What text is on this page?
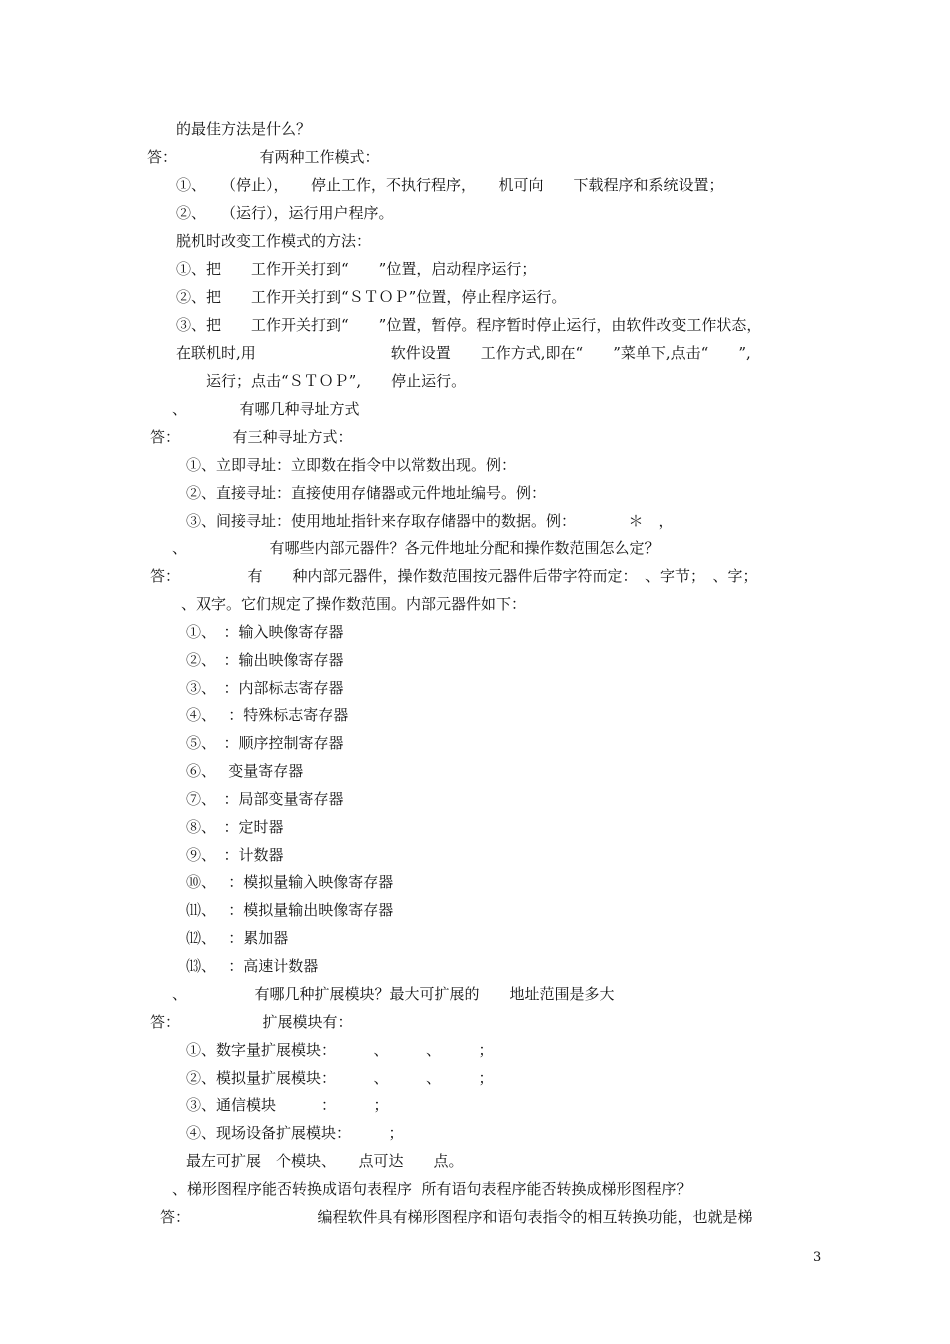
的最佳方法是什么？
答：　　　　　　有两种工作模式：
①、　　（停止），　　停止工作，不执行程序，　　机可向　　下载程序和系统设置；
②、　　（运行），运行用户程序。
脱机时改变工作模式的方法：
①、把　　工作开关打到“　　”位置，启动程序运行；
②、把　　工作开关打到“ＳＴＯＰ”位置，停止程序运行。
③、把　　工作开关打到“　　”位置，暂停。程序暂时停止运行，由软件改变工作状态，
在联机时,用　　　　　　　　　软件设置　　工作方式,即在“　　”菜单下,点击“　　”,
运行；点击“ＳＴＯＰ”,　　停止运行。
、　　　　有哪几种寻址方式
答：　　　　有三种寻址方式：
①、立即寻址：立即数在指令中以常数出现。例：
②、直接寻址：直接使用存储器或元件地址编号。例：
③、间接寻址：使用地址指针来存取存储器中的数据。例：　　　　＊　，
、　　　　　　有哪些内部元器件？各元件地址分配和操作数范围怎么定？
答：　　　　　有　　种内部元器件，操作数范围按元器件后带字符而定：　、字节；　、字；
、双字。它们规定了操作数范围。内部元器件如下：
①、　：输入映像寄存器
②、　：输出映像寄存器
③、　：内部标志寄存器
④、　 ：特殊标志寄存器
⑤、　：顺序控制寄存器
⑥、　 变量寄存器
⑦、　：局部变量寄存器
⑧、　：定时器
⑨、　：计数器
⑩、　 ：模拟量输入映像寄存器
⑾、　 ：模拟量输出映像寄存器
⑿、　 ：累加器
⒀、　 ：高速计数器
、　　　　　有哪几种扩展模块？最大可扩展的　　地址范围是多大
答：　　　　　　扩展模块有：
①、数字量扩展模块：　　　、　　　、　　　；
②、模拟量扩展模块：　　　、　　　、　　　；
③、通信模块　　　：　　　；
④、现场设备扩展模块：　　　；
最左可扩展　个模块、　　点可达　　点。
、梯形图程序能否转换成语句表程序  所有语句表程序能否转换成梯形图程序？
答：　　　　　　　　　编程软件具有梯形图程序和语句表指令的相互转换功能，也就是梯
3
